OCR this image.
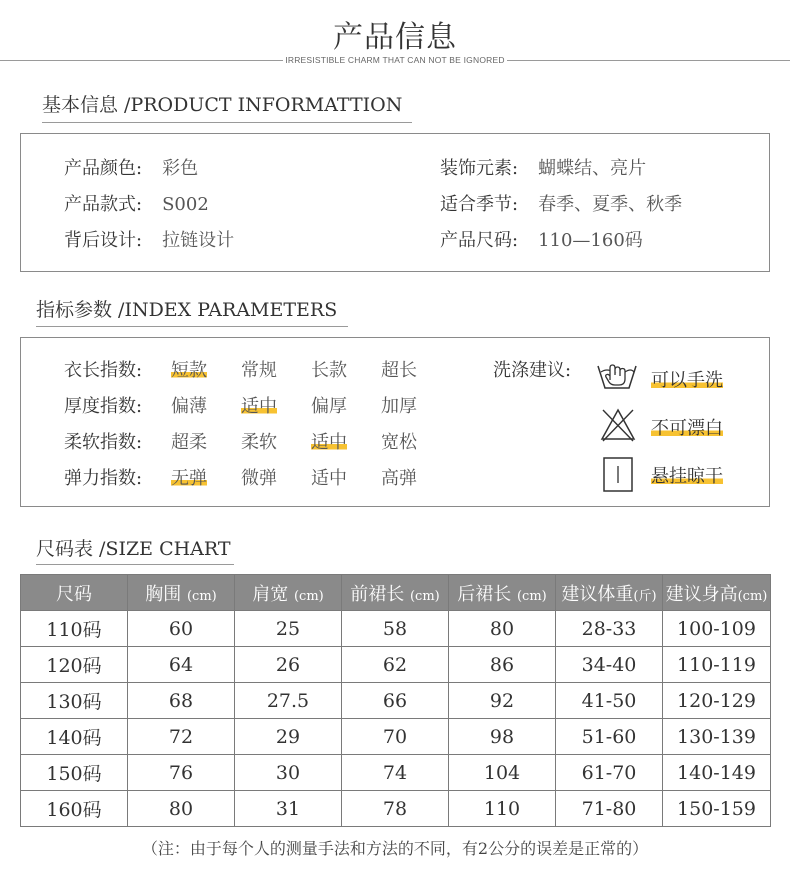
产品信息
IRRESISTIBLE CHARM THAT CAN NOT BE IGNORED
基本信息 /PRODUCT INFORMATTION
产品颜色: 彩色
产品款式: S002
背后设计: 拉链设计
装饰元素: 蝴蝶结、亮片
适合季节: 春季、夏季、秋季
产品尺码: 110—160码
指标参数 /INDEX PARAMETERS
衣长指数: 短款 常规 长款 超长
厚度指数: 偏薄 适中 偏厚 加厚
柔软指数: 超柔 柔软 适中 宽松
弹力指数: 无弹 微弹 适中 高弹
洗涤建议:	可以手洗
不可漂白
悬挂晾干
尺码表 /SIZE CHART
尺码	胸围 (cm)	肩宽 (cm)	前裙长 (cm)	后裙长 (cm)	建议体重(斤)	建议身高(cm)
110码	60	25	58	80	28-33	100-109
120码	64	26	62	86	34-40	110-119
130码	68	27.5	66	92	41-50	120-129
140码	72	29	70	98	51-60	130-139
150码	76	30	74	104	61-70	140-149
160码	80	31	78	110	71-80	150-159
（注：由于每个人的测量手法和方法的不同，有2公分的误差是正常的）
